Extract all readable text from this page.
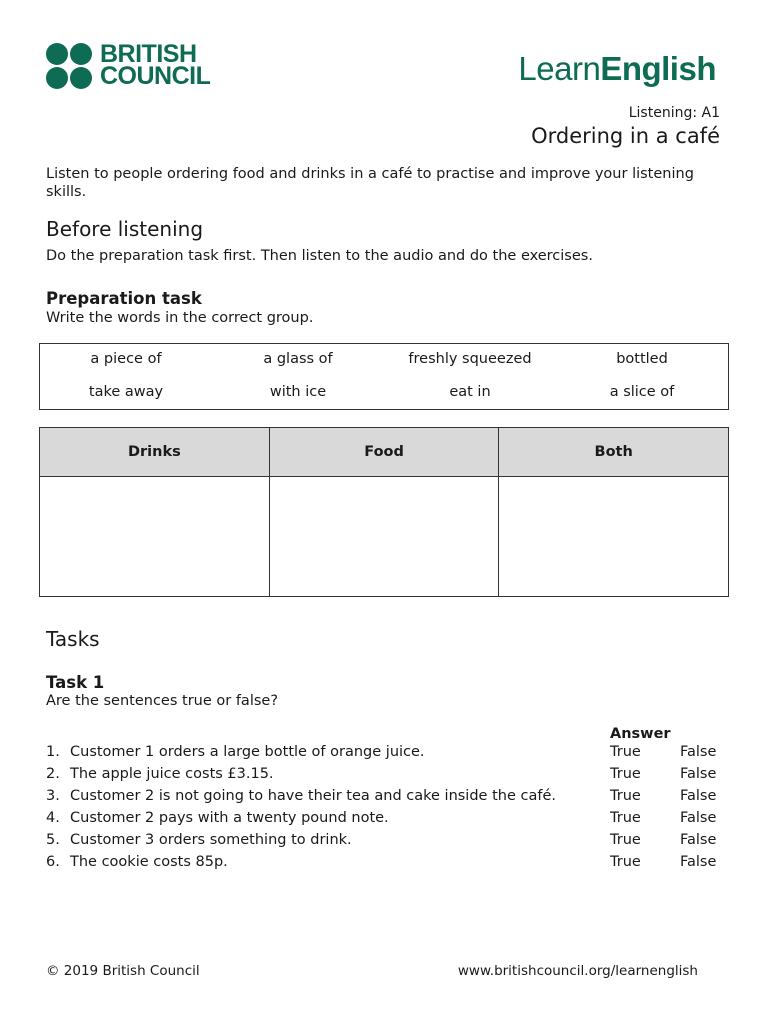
BRITISH
COUNCIL	LearnEnglish
Listening: A1
Ordering in a café
Listen to people ordering food and drinks in a café to practise and improve your listening skills.
Before listening
Do the preparation task first. Then listen to the audio and do the exercises.
Preparation task
Write the words in the correct group.
a piece of	a glass of	freshly squeezed	bottled
take away	with ice	eat in	a slice of
Drinks	Food	Both

Tasks
Task 1
Are the sentences true or false?
Answer
1. Customer 1 orders a large bottle of orange juice.	True	False
2. The apple juice costs £3.15.	True	False
3. Customer 2 is not going to have their tea and cake inside the café.	True	False
4. Customer 2 pays with a twenty pound note.	True	False
5. Customer 3 orders something to drink.	True	False
6. The cookie costs 85p.	True	False
© 2019 British Council	www.britishcouncil.org/learnenglish
